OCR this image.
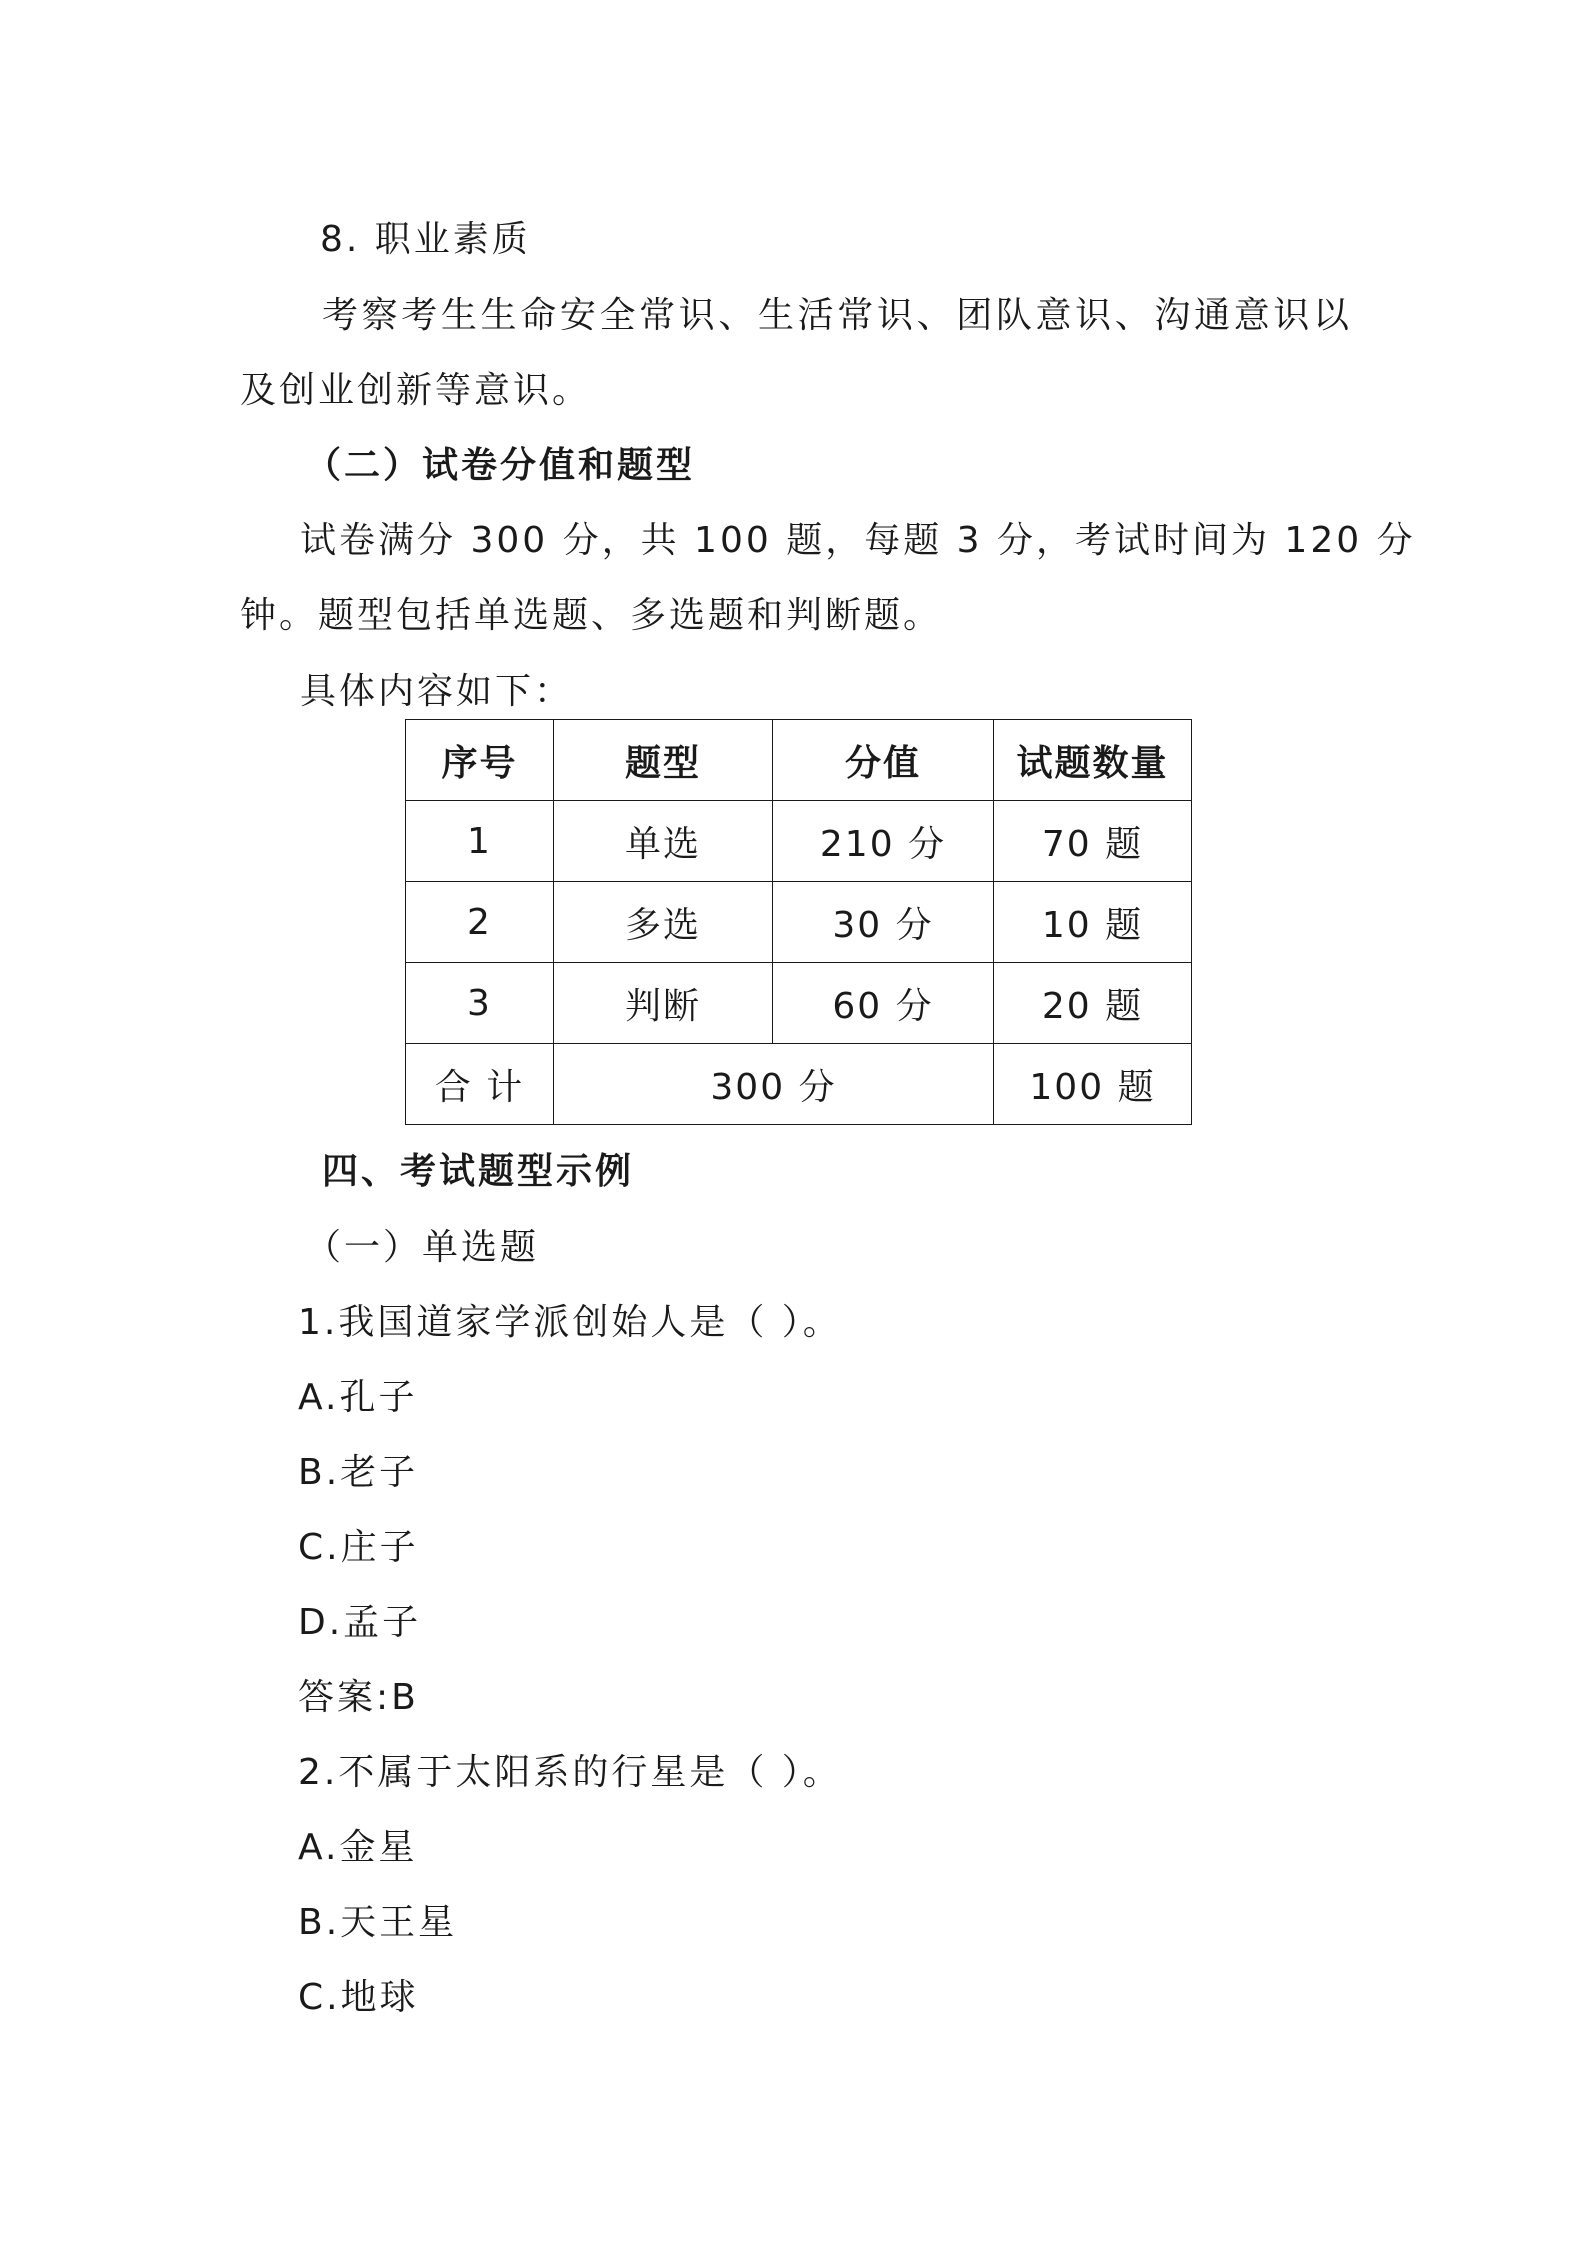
8. 职业素质
考察考生生命安全常识、生活常识、团队意识、沟通意识以
及创业创新等意识。
（二）试卷分值和题型
试卷满分 300 分，共 100 题，每题 3 分，考试时间为 120 分
钟。题型包括单选题、多选题和判断题。
具体内容如下：
序号	题型	分值	试题数量
1	单选	210 分	70 题
2	多选	30 分	10 题
3	判断	60 分	20 题
合 计	300 分		100 题
四、考试题型示例
（一）单选题
1.我国道家学派创始人是（ ）。
A.孔子
B.老子
C.庄子
D.孟子
答案:B
2.不属于太阳系的行星是（ ）。
A.金星
B.天王星
C.地球
